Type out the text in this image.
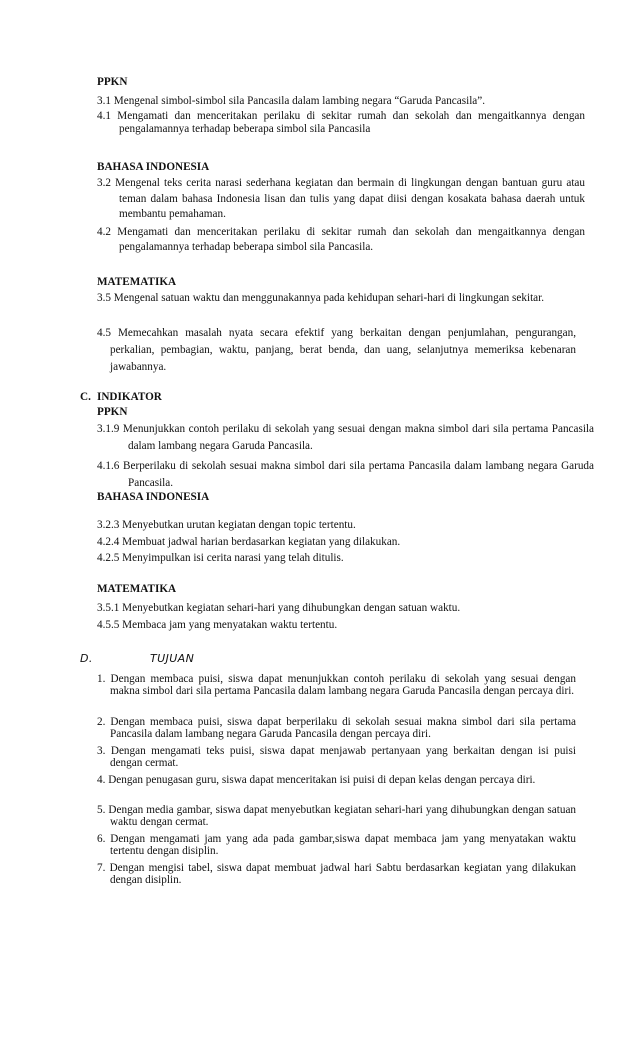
PPKN
3.1 Mengenal simbol-simbol sila Pancasila dalam lambing negara “Garuda Pancasila”.
4.1 Mengamati dan menceritakan perilaku di sekitar rumah dan sekolah dan mengaitkannya dengan pengalamannya terhadap beberapa simbol sila Pancasila
BAHASA INDONESIA
3.2 Mengenal teks cerita narasi sederhana kegiatan dan bermain di lingkungan dengan bantuan guru atau teman dalam bahasa Indonesia lisan dan tulis yang dapat diisi dengan kosakata bahasa daerah untuk membantu pemahaman.
4.2 Mengamati dan menceritakan perilaku di sekitar rumah dan sekolah dan mengaitkannya dengan pengalamannya terhadap beberapa simbol sila Pancasila.
MATEMATIKA
3.5 Mengenal satuan waktu dan menggunakannya pada kehidupan sehari-hari di lingkungan sekitar.
4.5 Memecahkan masalah nyata secara efektif yang berkaitan dengan penjumlahan, pengurangan, perkalian, pembagian, waktu, panjang, berat benda, dan uang, selanjutnya memeriksa kebenaran jawabannya.
C. INDIKATOR
PPKN
3.1.9 Menunjukkan contoh perilaku di sekolah yang sesuai dengan makna simbol dari sila pertama Pancasila dalam lambang negara Garuda Pancasila.
4.1.6 Berperilaku di sekolah sesuai makna simbol dari sila pertama Pancasila dalam lambang negara Garuda Pancasila.
BAHASA INDONESIA
3.2.3 Menyebutkan urutan kegiatan dengan topic tertentu.
4.2.4 Membuat jadwal harian berdasarkan kegiatan yang dilakukan.
4.2.5 Menyimpulkan isi cerita narasi yang telah ditulis.
MATEMATIKA
3.5.1 Menyebutkan kegiatan sehari-hari yang dihubungkan dengan satuan waktu.
4.5.5 Membaca jam yang menyatakan waktu tertentu.
D.	TUJUAN
1. Dengan membaca puisi, siswa dapat menunjukkan contoh perilaku di sekolah yang sesuai dengan makna simbol dari sila pertama Pancasila dalam lambang negara Garuda Pancasila dengan percaya diri.
2. Dengan membaca puisi, siswa dapat berperilaku di sekolah sesuai makna simbol dari sila pertama Pancasila dalam lambang negara Garuda Pancasila dengan percaya diri.
3. Dengan mengamati teks puisi, siswa dapat menjawab pertanyaan yang berkaitan dengan isi puisi dengan cermat.
4. Dengan penugasan guru, siswa dapat menceritakan isi puisi di depan kelas dengan percaya diri.
5. Dengan media gambar, siswa dapat menyebutkan kegiatan sehari-hari yang dihubungkan dengan satuan waktu dengan cermat.
6. Dengan mengamati jam yang ada pada gambar,siswa dapat membaca jam yang menyatakan waktu tertentu dengan disiplin.
7. Dengan mengisi tabel, siswa dapat membuat jadwal hari Sabtu berdasarkan kegiatan yang dilakukan dengan disiplin.
